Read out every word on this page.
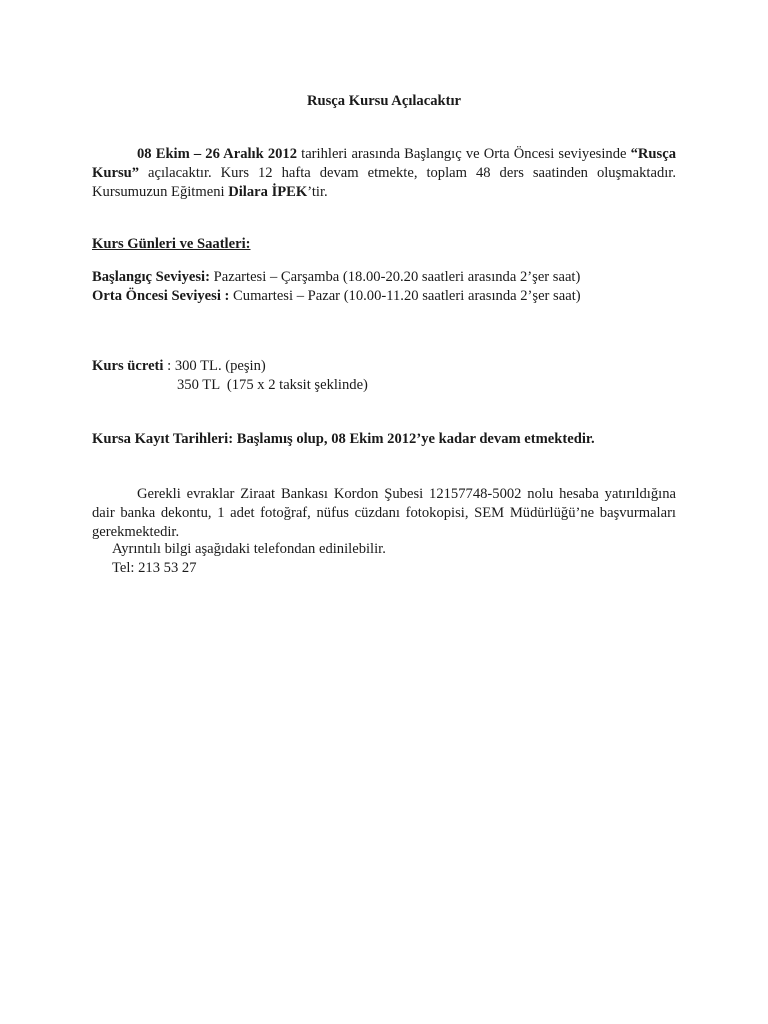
Rusça Kursu Açılacaktır
08 Ekim – 26 Aralık 2012 tarihleri arasında Başlangıç ve Orta Öncesi seviyesinde “Rusça Kursu” açılacaktır. Kurs 12 hafta devam etmekte, toplam 48 ders saatinden oluşmaktadır. Kursumuzun Eğitmeni Dilara İPEK’tir.
Kurs Günleri ve Saatleri:
Başlangıç Seviyesi: Pazartesi – Çarşamba (18.00-20.20 saatleri arasında 2’şer saat)
Orta Öncesi Seviyesi : Cumartesi – Pazar (10.00-11.20 saatleri arasında 2’şer saat)
Kurs ücreti : 300 TL. (peşin)
350 TL  (175 x 2 taksit şeklinde)
Kursa Kayıt Tarihleri: Başlamış olup, 08 Ekim 2012’ye kadar devam etmektedir.
Gerekli evraklar Ziraat Bankası Kordon Şubesi 12157748-5002 nolu hesaba yatırıldığına dair banka dekontu, 1 adet fotoğraf, nüfus cüzdanı fotokopisi, SEM Müdürlüğü’ne başvurmaları gerekmektedir.
Ayrıntılı bilgi aşağıdaki telefondan edinilebilir.
Tel: 213 53 27
